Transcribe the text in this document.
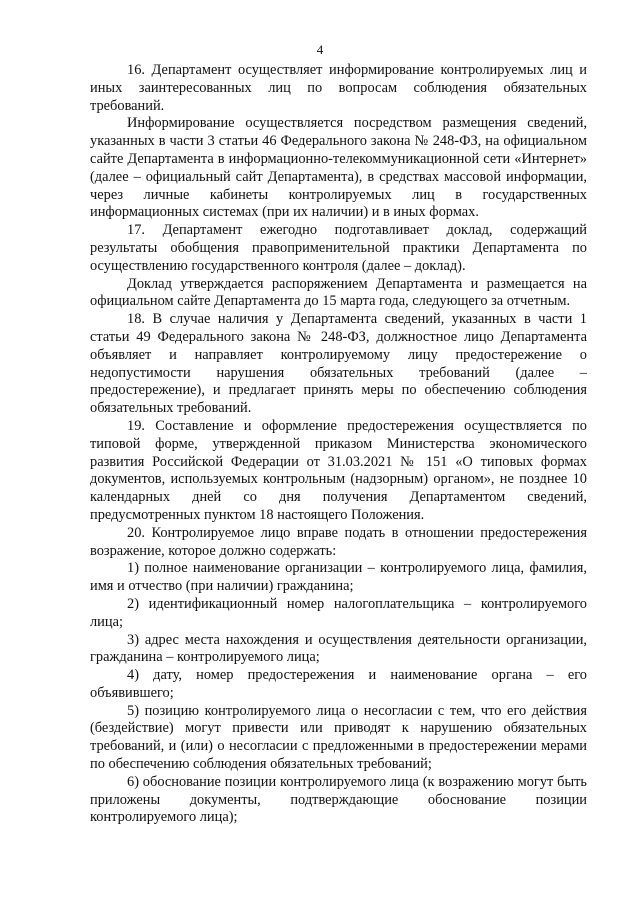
4

16. Департамент осуществляет информирование контролируемых лиц и иных заинтересованных лиц по вопросам соблюдения обязательных требований.

Информирование осуществляется посредством размещения сведений, указанных в части 3 статьи 46 Федерального закона № 248-ФЗ, на официальном сайте Департамента в информационно-телекоммуникационной сети «Интернет» (далее – официальный сайт Департамента), в средствах массовой информации, через личные кабинеты контролируемых лиц в государственных информационных системах (при их наличии) и в иных формах.

17. Департамент ежегодно подготавливает доклад, содержащий результаты обобщения правоприменительной практики Департамента по осуществлению государственного контроля (далее – доклад).

Доклад утверждается распоряжением Департамента и размещается на официальном сайте Департамента до 15 марта года, следующего за отчетным.

18. В случае наличия у Департамента сведений, указанных в части 1 статьи 49 Федерального закона № 248-ФЗ, должностное лицо Департамента объявляет и направляет контролируемому лицу предостережение о недопустимости нарушения обязательных требований (далее – предостережение), и предлагает принять меры по обеспечению соблюдения обязательных требований.

19. Составление и оформление предостережения осуществляется по типовой форме, утвержденной приказом Министерства экономического развития Российской Федерации от 31.03.2021 № 151 «О типовых формах документов, используемых контрольным (надзорным) органом», не позднее 10 календарных дней со дня получения Департаментом сведений, предусмотренных пунктом 18 настоящего Положения.

20. Контролируемое лицо вправе подать в отношении предостережения возражение, которое должно содержать:

1) полное наименование организации – контролируемого лица, фамилия, имя и отчество (при наличии) гражданина;

2) идентификационный номер налогоплательщика – контролируемого лица;

3) адрес места нахождения и осуществления деятельности организации, гражданина – контролируемого лица;

4) дату, номер предостережения и наименование органа – его объявившего;

5) позицию контролируемого лица о несогласии с тем, что его действия (бездействие) могут привести или приводят к нарушению обязательных требований, и (или) о несогласии с предложенными в предостережении мерами по обеспечению соблюдения обязательных требований;

6) обоснование позиции контролируемого лица (к возражению могут быть приложены документы, подтверждающие обоснование позиции контролируемого лица);
